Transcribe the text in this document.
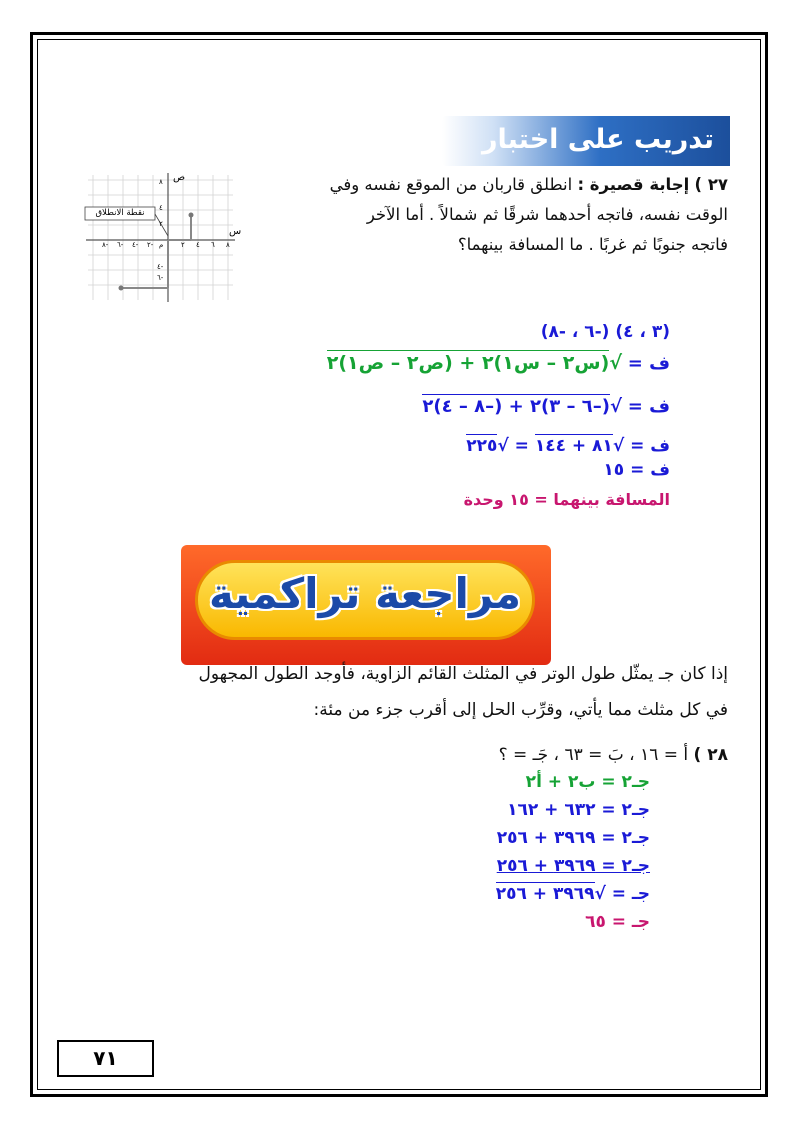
تدريب على اختبار
٢٧ ) إجابة قصيرة : انطلق قاربان من الموقع نفسه وفي
الوقت نفسه، فاتجه أحدهما شرقًا ثم شمالاً . أما الآخر
فاتجه جنوبًا ثم غربًا . ما المسافة بينهما؟
نقطة الانطلاق
ص
س
٨
٤
٢
م
٤-
٦-
٨
٦
٤
٢
٢-
٤-
٦-
٨-
(٣ ، ٤) (-٦ ، -٨)
ف = √(س٢ – س١)٢ + (ص٢ – ص١)٢
ف = √(–٦ – ٣)٢ + (–٨ – ٤)٢
ف = √٨١ + ١٤٤ = √٢٢٥
ف = ١٥
المسافة بينهما = ١٥ وحدة
مراجعة تراكمية
إذا كان جـ يمثّل طول الوتر في المثلث القائم الزاوية، فأوجد الطول المجهول
في كل مثلث مما يأتي، وقرِّب الحل إلى أقرب جزء من مئة:
٢٨ ) أ = ١٦ ، بَ = ٦٣ ، جَـ = ؟
جـ٢ = ب٢ + أ٢
جـ٢ = ٦٣٢ + ١٦٢
جـ٢ = ٣٩٦٩ + ٢٥٦
جـ٢ = ٣٩٦٩ + ٢٥٦
جـ = √٣٩٦٩ + ٢٥٦
جـ = ٦٥
٧١
